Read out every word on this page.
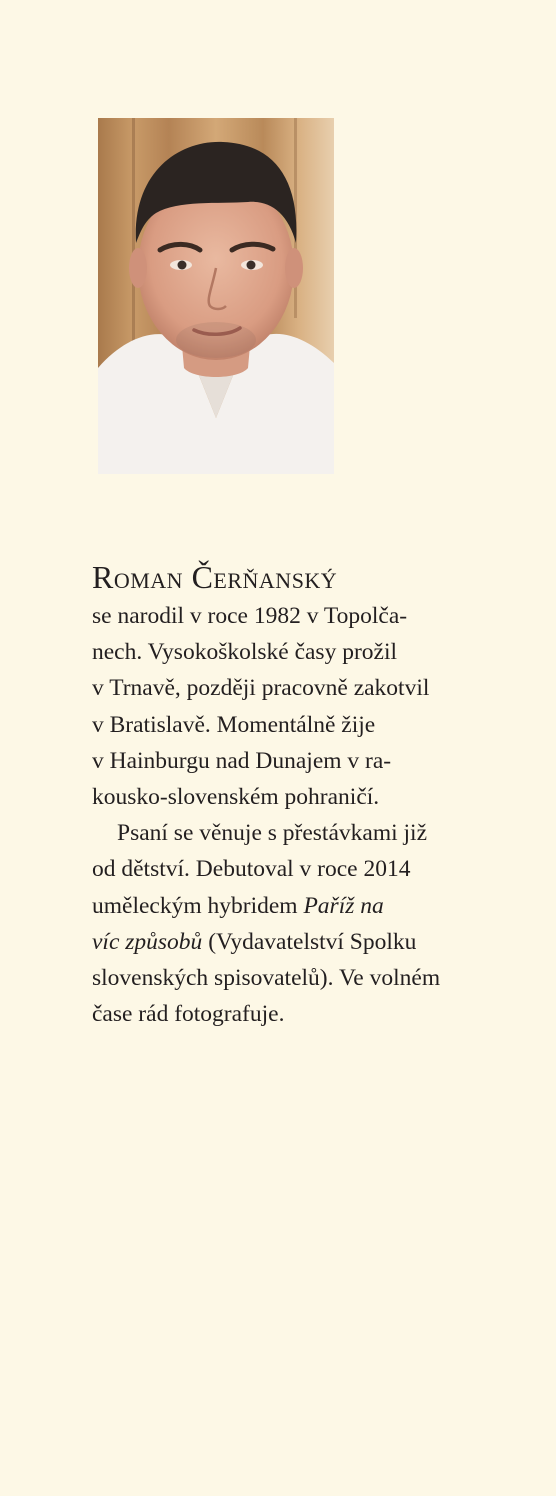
Roman Čerňanský
se narodil v roce 1982 v Topolča-
nech. Vysokoškolské časy prožil
v Trnavě, později pracovně zakotvil
v Bratislavě. Momentálně žije
v Hainburgu nad Dunajem v ra-
kousko-slovenském pohraničí.
Psaní se věnuje s přestávkami již
od dětství. Debutoval v roce 2014
uměleckým hybridem Paříž na
víc způsobů (Vydavatelství Spolku
slovenských spisovatelů). Ve volném
čase rád fotografuje.
